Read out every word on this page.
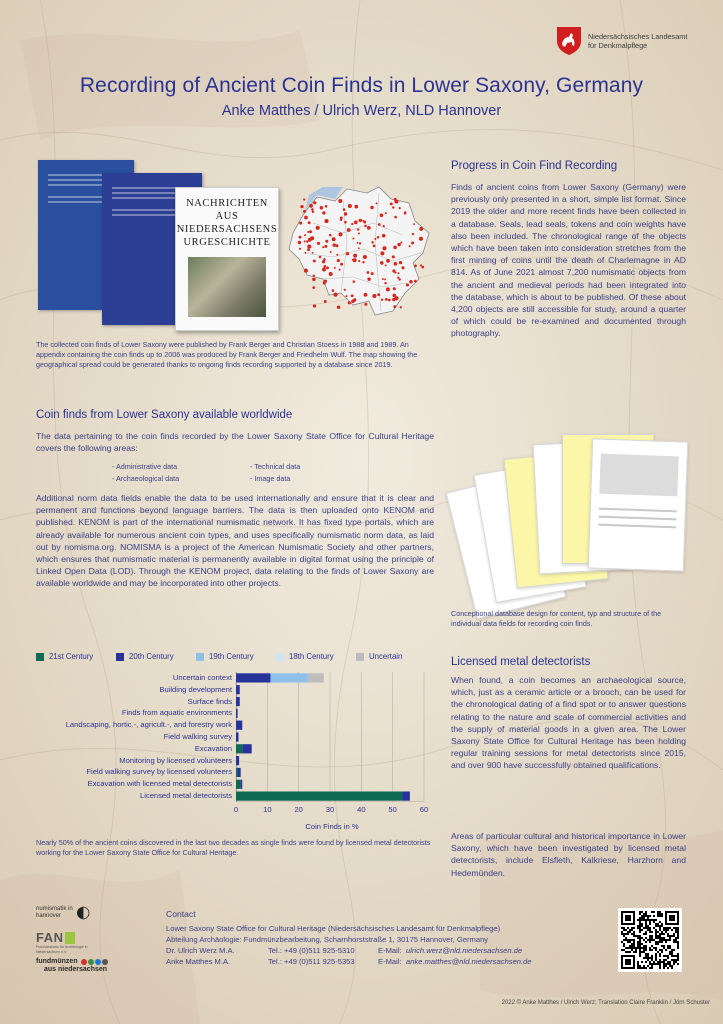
Niedersächsisches Landesamt
für Denkmalpflege
Recording of Ancient Coin Finds in Lower Saxony, Germany
Anke Matthes / Ulrich Werz, NLD Hannover
NACHRICHTEN AUS
NIEDERSACHSENS
URGESCHICHTE
The collected coin finds of Lower Saxony were published by Frank Berger and Christian Stoess in 1988 and 1989. An appendix containing the coin finds up to 2006 was produced by Frank Berger and Friedhelm Wulf. The map showing the geographical spread could be generated thanks to ongoing finds recording supported by a database since 2019.
Progress in Coin Find Recording
Finds of ancient coins from Lower Saxony (Germany) were previously only presented in a short, simple list format. Since 2019 the older and more recent finds have been collected in a database. Seals, lead seals, tokens and coin weights have also been included. The chronological range of the objects which have been taken into consideration stretches from the first minting of coins until the death of Charlemagne in AD 814. As of June 2021 almost 7,200 numismatic objects from the ancient and medieval periods had been integrated into the database, which is about to be published. Of these about 4,200 objects are still accessible for study, around a quarter of which could be re-examined and documented through photography.
Coin finds from Lower Saxony available worldwide
The data pertaining to the coin finds recorded by the Lower Saxony State Office for Cultural Heritage covers the following areas:
- Administrative data	- Technical data
- Archaeological data	- Image data
Additional norm data fields enable the data to be used internationally and ensure that it is clear and permanent and functions beyond language barriers. The data is then uploaded onto KENOM and published. KENOM is part of the international numismatic network. It has fixed type portals, which are already available for numerous ancient coin types, and uses specifically numismatic norm data, as laid out by nomisma.org. NOMISMA is a project of the American Numismatic Society and other partners, which ensures that numismatic material is permanently available in digital format using the principle of Linked Open Data (LOD). Through the KENOM project, data relating to the finds of Lower Saxony are available worldwide and may be incorporated into other projects.
Conceptional database design for content, typ and structure of the individual data fields for recording coin finds.
Licensed metal detectorists
When found, a coin becomes an archaeological source, which, just as a ceramic article or a brooch, can be used for the chronological dating of a find spot or to answer questions relating to the nature and scale of commercial activities and the supply of material goods in a given area. The Lower Saxony State Office for Cultural Heritage has been holding regular training sessions for metal detectorists since 2015, and over 900 have successfully obtained qualifications.
Areas of particular cultural and historical importance in Lower Saxony, which have been investigated by licensed metal detectorists, include Elsfleth, Kalkriese, Harzhorn and Hedemünden.
21st Century	20th Century	19th Century	18th Century	Uncertain
Uncertain context
Building development
Surface finds
Finds from aquatic environments
Landscaping, hortic.-, agricult.-, and forestry work
Field walking survey
Excavation
Monitoring by licensed volunteers
Field walking survey by licensed volunteers
Excavation with licensed metal detectorists
Licensed metal detectorists
0	10	20	30	40	50	60
Coin Finds in %
Nearly 50% of the ancient coins discovered in the last two decades as single finds were found by licensed metal detectorists working for the Lower Saxony State Office for Cultural Heritage.
numismatik in
hannover
FAN
Freundeskreis für Archäologie in Niedersachsen e.V.
fundmünzen
aus niedersachsen
Contact
Lower Saxony State Office for Cultural Heritage (Niedersächsisches Landesamt für Denkmalpflege)
Abteilung Archäologie: Fundmünzbearbeitung, Scharnhorststraße 1, 30175 Hannover, Germany
Dr. Ulrich Werz M.A.	Tel.: +49 (0)511 925-5310	E-Mail: ulrich.werz@nld.niedersachsen.de
Anke Matthes M.A.	Tel.: +49 (0)511 925-5353	E-Mail: anke.matthes@nld.niedersachsen.de
2022 © Anke Matthes / Ulrich Werz; Translation Claire Franklin / Jörn Schuster
